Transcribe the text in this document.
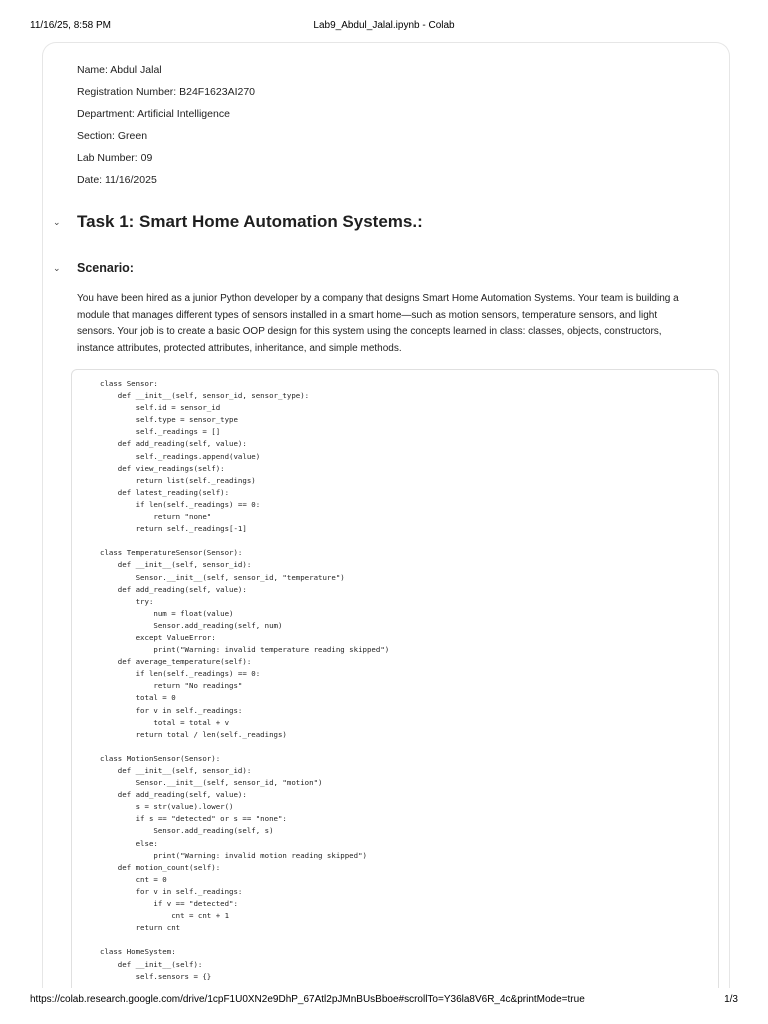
11/16/25, 8:58 PM	Lab9_Abdul_Jalal.ipynb - Colab
Name: Abdul Jalal
Registration Number: B24F1623AI270
Department: Artificial Intelligence
Section: Green
Lab Number: 09
Date: 11/16/2025
⌄ Task 1: Smart Home Automation Systems.:
⌄ Scenario:
You have been hired as a junior Python developer by a company that designs Smart Home Automation Systems. Your team is building a module that manages different types of sensors installed in a smart home—such as motion sensors, temperature sensors, and light sensors. Your job is to create a basic OOP design for this system using the concepts learned in class: classes, objects, constructors, instance attributes, protected attributes, inheritance, and simple methods.
class Sensor:
def __init__(self, sensor_id, sensor_type):
self.id = sensor_id
self.type = sensor_type
self._readings = []
def add_reading(self, value):
self._readings.append(value)
def view_readings(self):
return list(self._readings)
def latest_reading(self):
if len(self._readings) == 0:
return "none"
return self._readings[-1]

class TemperatureSensor(Sensor):
def __init__(self, sensor_id):
Sensor.__init__(self, sensor_id, "temperature")
def add_reading(self, value):
try:
num = float(value)
Sensor.add_reading(self, num)
except ValueError:
print("Warning: invalid temperature reading skipped")
def average_temperature(self):
if len(self._readings) == 0:
return "No readings"
total = 0
for v in self._readings:
total = total + v
return total / len(self._readings)

class MotionSensor(Sensor):
def __init__(self, sensor_id):
Sensor.__init__(self, sensor_id, "motion")
def add_reading(self, value):
s = str(value).lower()
if s == "detected" or s == "none":
Sensor.add_reading(self, s)
else:
print("Warning: invalid motion reading skipped")
def motion_count(self):
cnt = 0
for v in self._readings:
if v == "detected":
cnt = cnt + 1
return cnt

class HomeSystem:
def __init__(self):
self.sensors = {}
https://colab.research.google.com/drive/1cpF1U0XN2e9DhP_67Atl2pJMnBUsBboe#scrollTo=Y36la8V6R_4c&printMode=true	1/3
